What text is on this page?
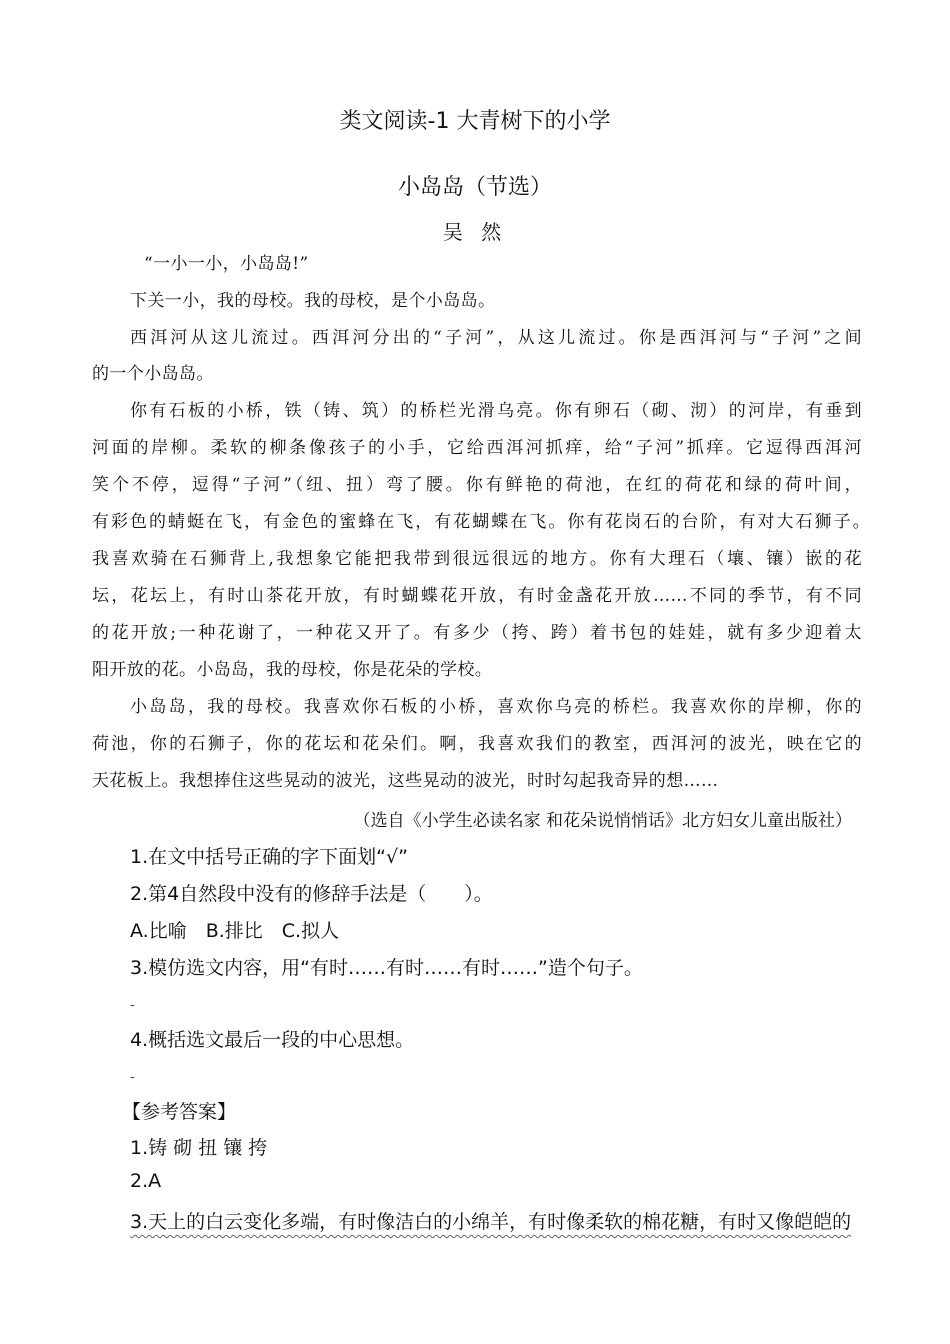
类文阅读-1 大青树下的小学
小岛岛（节选）
吴 然
“一小一小，小岛岛!”
下关一小，我的母校。我的母校，是个小岛岛。
西洱河从这儿流过。西洱河分出的“子河”，从这儿流过。你是西洱河与“子河”之间
的一个小岛岛。
你有石板的小桥，铁（铸、筑）的桥栏光滑乌亮。你有卵石（砌、沏）的河岸，有垂到
河面的岸柳。柔软的柳条像孩子的小手，它给西洱河抓痒，给“子河”抓痒。它逗得西洱河
笑个不停，逗得“子河”（纽、扭）弯了腰。你有鲜艳的荷池，在红的荷花和绿的荷叶间，
有彩色的蜻蜓在飞，有金色的蜜蜂在飞，有花蝴蝶在飞。你有花岗石的台阶，有对大石狮子。
我喜欢骑在石狮背上,我想象它能把我带到很远很远的地方。你有大理石（壤、镶）嵌的花
坛，花坛上，有时山茶花开放，有时蝴蝶花开放，有时金盏花开放……不同的季节，有不同
的花开放;一种花谢了，一种花又开了。有多少（挎、跨）着书包的娃娃，就有多少迎着太
阳开放的花。小岛岛，我的母校，你是花朵的学校。
小岛岛，我的母校。我喜欢你石板的小桥，喜欢你乌亮的桥栏。我喜欢你的岸柳，你的
荷池，你的石狮子，你的花坛和花朵们。啊，我喜欢我们的教室，西洱河的波光，映在它的
天花板上。我想捧住这些晃动的波光，这些晃动的波光，时时勾起我奇异的想……
（选自《小学生必读名家 和花朵说悄悄话》北方妇女儿童出版社）
1.在文中括号正确的字下面划“√”
2.第4自然段中没有的修辞手法是（　　）。
A.比喻　B.排比　C.拟人
3.模仿选文内容，用“有时……有时……有时……”造个句子。
-
4.概括选文最后一段的中心思想。
-
【参考答案】
1.铸 砌 扭 镶 挎
2.A
3.天上的白云变化多端，有时像洁白的小绵羊，有时像柔软的棉花糖，有时又像皑皑的
